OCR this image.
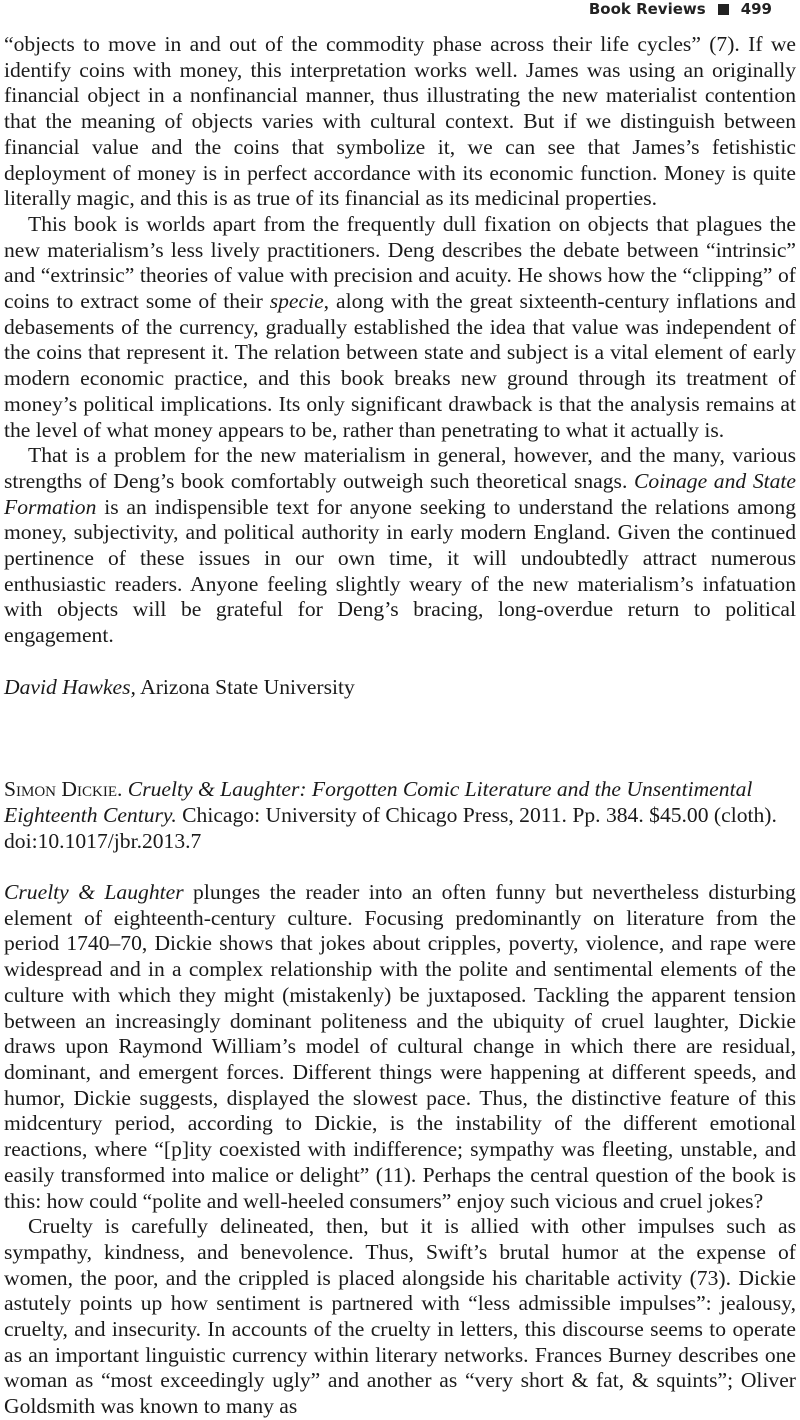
Book Reviews 499

“objects to move in and out of the commodity phase across their life cycles” (7). If we identify coins with money, this interpretation works well. James was using an originally financial object in a nonfinancial manner, thus illustrating the new materialist contention that the meaning of objects varies with cultural context. But if we distinguish between financial value and the coins that symbolize it, we can see that James’s fetishistic deployment of money is in perfect accordance with its economic function. Money is quite literally magic, and this is as true of its financial as its medicinal properties.

This book is worlds apart from the frequently dull fixation on objects that plagues the new materialism’s less lively practitioners. Deng describes the debate between “intrinsic” and “extrinsic” theories of value with precision and acuity. He shows how the “clipping” of coins to extract some of their specie, along with the great sixteenth-century inflations and debasements of the currency, gradually established the idea that value was independent of the coins that represent it. The relation between state and subject is a vital element of early modern economic practice, and this book breaks new ground through its treatment of money’s political implications. Its only significant drawback is that the analysis remains at the level of what money appears to be, rather than penetrating to what it actually is.

That is a problem for the new materialism in general, however, and the many, various strengths of Deng’s book comfortably outweigh such theoretical snags. Coinage and State Formation is an indispensible text for anyone seeking to understand the relations among money, subjectivity, and political authority in early modern England. Given the continued pertinence of these issues in our own time, it will undoubtedly attract numerous enthusiastic readers. Anyone feeling slightly weary of the new materialism’s infatuation with objects will be grateful for Deng’s bracing, long-overdue return to political engagement.

David Hawkes, Arizona State University

Simon Dickie. Cruelty & Laughter: Forgotten Comic Literature and the Unsentimental Eighteenth Century. Chicago: University of Chicago Press, 2011. Pp. 384. $45.00 (cloth).
doi:10.1017/jbr.2013.7

Cruelty & Laughter plunges the reader into an often funny but nevertheless disturbing element of eighteenth-century culture. Focusing predominantly on literature from the period 1740–70, Dickie shows that jokes about cripples, poverty, violence, and rape were widespread and in a complex relationship with the polite and sentimental elements of the culture with which they might (mistakenly) be juxtaposed. Tackling the apparent tension between an increasingly dominant politeness and the ubiquity of cruel laughter, Dickie draws upon Raymond William’s model of cultural change in which there are residual, dominant, and emergent forces. Different things were happening at different speeds, and humor, Dickie suggests, displayed the slowest pace. Thus, the distinctive feature of this midcentury period, according to Dickie, is the instability of the different emotional reactions, where “[p]ity coexisted with indifference; sympathy was fleeting, unstable, and easily transformed into malice or delight” (11). Perhaps the central question of the book is this: how could “polite and well-heeled consumers” enjoy such vicious and cruel jokes?

Cruelty is carefully delineated, then, but it is allied with other impulses such as sympathy, kindness, and benevolence. Thus, Swift’s brutal humor at the expense of women, the poor, and the crippled is placed alongside his charitable activity (73). Dickie astutely points up how sentiment is partnered with “less admissible impulses”: jealousy, cruelty, and insecurity. In accounts of the cruelty in letters, this discourse seems to operate as an important linguistic currency within literary networks. Frances Burney describes one woman as “most exceedingly ugly” and another as “very short & fat, & squints”; Oliver Goldsmith was known to many as
